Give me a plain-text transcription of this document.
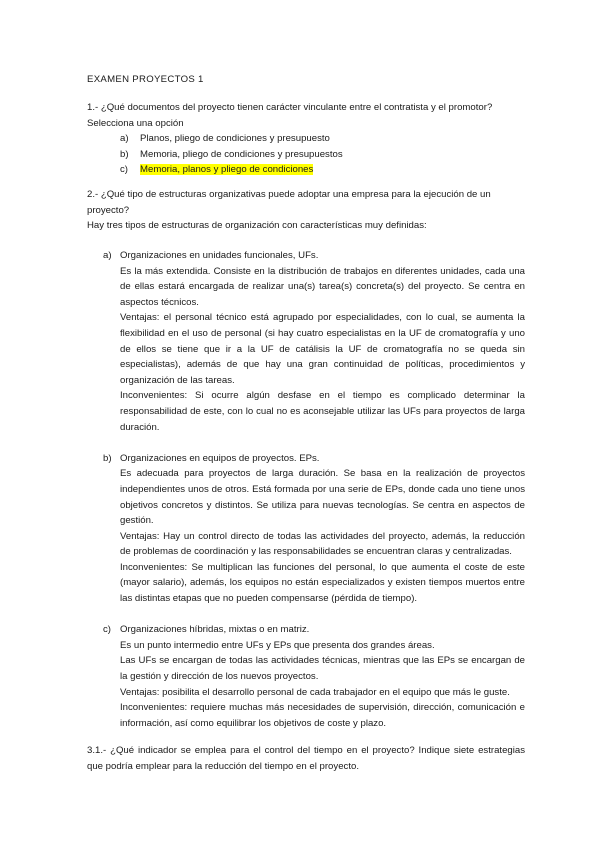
EXAMEN PROYECTOS 1

1.- ¿Qué documentos del proyecto tienen carácter vinculante entre el contratista y el promotor? Selecciona una opción

a) Planos, pliego de condiciones y presupuesto
b) Memoria, pliego de condiciones y presupuestos
c) Memoria, planos y pliego de condiciones

2.- ¿Qué tipo de estructuras organizativas puede adoptar una empresa para la ejecución de un proyecto?

Hay tres tipos de estructuras de organización con características muy definidas:

a) Organizaciones en unidades funcionales, UFs.

Es la más extendida. Consiste en la distribución de trabajos en diferentes unidades, cada una de ellas estará encargada de realizar una(s) tarea(s) concreta(s) del proyecto. Se centra en aspectos técnicos.

Ventajas: el personal técnico está agrupado por especialidades, con lo cual, se aumenta la flexibilidad en el uso de personal (si hay cuatro especialistas en la UF de cromatografía y uno de ellos se tiene que ir a la UF de catálisis la UF de cromatografía no se queda sin especialistas), además de que hay una gran continuidad de políticas, procedimientos y organización de las tareas.

Inconvenientes: Si ocurre algún desfase en el tiempo es complicado determinar la responsabilidad de este, con lo cual no es aconsejable utilizar las UFs para proyectos de larga duración.

b) Organizaciones en equipos de proyectos. EPs.

Es adecuada para proyectos de larga duración. Se basa en la realización de proyectos independientes unos de otros. Está formada por una serie de EPs, donde cada uno tiene unos objetivos concretos y distintos. Se utiliza para nuevas tecnologías. Se centra en aspectos de gestión.

Ventajas: Hay un control directo de todas las actividades del proyecto, además, la reducción de problemas de coordinación y las responsabilidades se encuentran claras y centralizadas.

Inconvenientes: Se multiplican las funciones del personal, lo que aumenta el coste de este (mayor salario), además, los equipos no están especializados y existen tiempos muertos entre las distintas etapas que no pueden compensarse (pérdida de tiempo).

c) Organizaciones híbridas, mixtas o en matriz.

Es un punto intermedio entre UFs y EPs que presenta dos grandes áreas.

Las UFs se encargan de todas las actividades técnicas, mientras que las EPs se encargan de la gestión y dirección de los nuevos proyectos.

Ventajas: posibilita el desarrollo personal de cada trabajador en el equipo que más le guste.

Inconvenientes: requiere muchas más necesidades de supervisión, dirección, comunicación e información, así como equilibrar los objetivos de coste y plazo.

3.1.- ¿Qué indicador se emplea para el control del tiempo en el proyecto? Indique siete estrategias que podría emplear para la reducción del tiempo en el proyecto.
